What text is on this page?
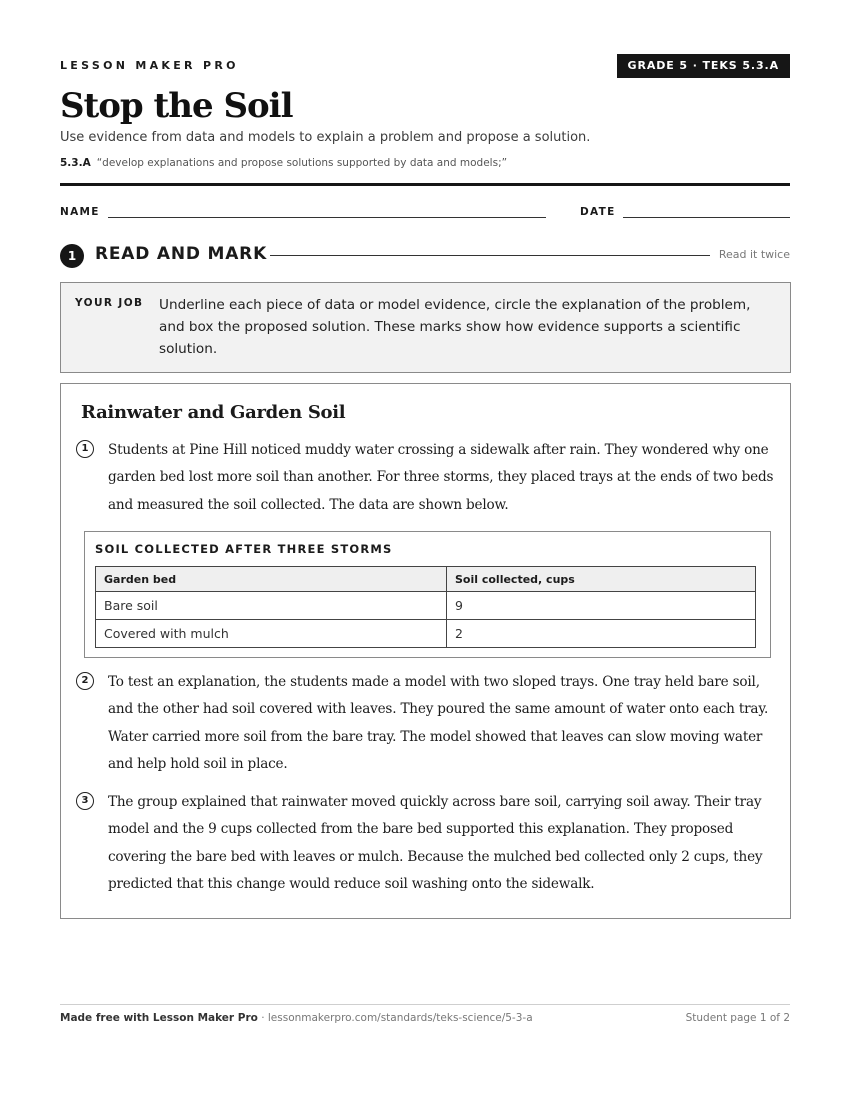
LESSON MAKER PRO	GRADE 5 · TEKS 5.3.A
Stop the Soil
Use evidence from data and models to explain a problem and propose a solution.
5.3.A “develop explanations and propose solutions supported by data and models;”
NAME	DATE
1	READ AND MARK	Read it twice
YOUR JOB Underline each piece of data or model evidence, circle the explanation of the problem, and box the proposed solution. These marks show how evidence supports a scientific solution.
Rainwater and Garden Soil
1	Students at Pine Hill noticed muddy water crossing a sidewalk after rain. They wondered why one garden bed lost more soil than another. For three storms, they placed trays at the ends of two beds and measured the soil collected. The data are shown below.
SOIL COLLECTED AFTER THREE STORMS
Garden bed	Soil collected, cups
Bare soil	9
Covered with mulch	2
2	To test an explanation, the students made a model with two sloped trays. One tray held bare soil, and the other had soil covered with leaves. They poured the same amount of water onto each tray. Water carried more soil from the bare tray. The model showed that leaves can slow moving water and help hold soil in place.
3	The group explained that rainwater moved quickly across bare soil, carrying soil away. Their tray model and the 9 cups collected from the bare bed supported this explanation. They proposed covering the bare bed with leaves or mulch. Because the mulched bed collected only 2 cups, they predicted that this change would reduce soil washing onto the sidewalk.
Made free with Lesson Maker Pro · lessonmakerpro.com/standards/teks-science/5-3-a	Student page 1 of 2
